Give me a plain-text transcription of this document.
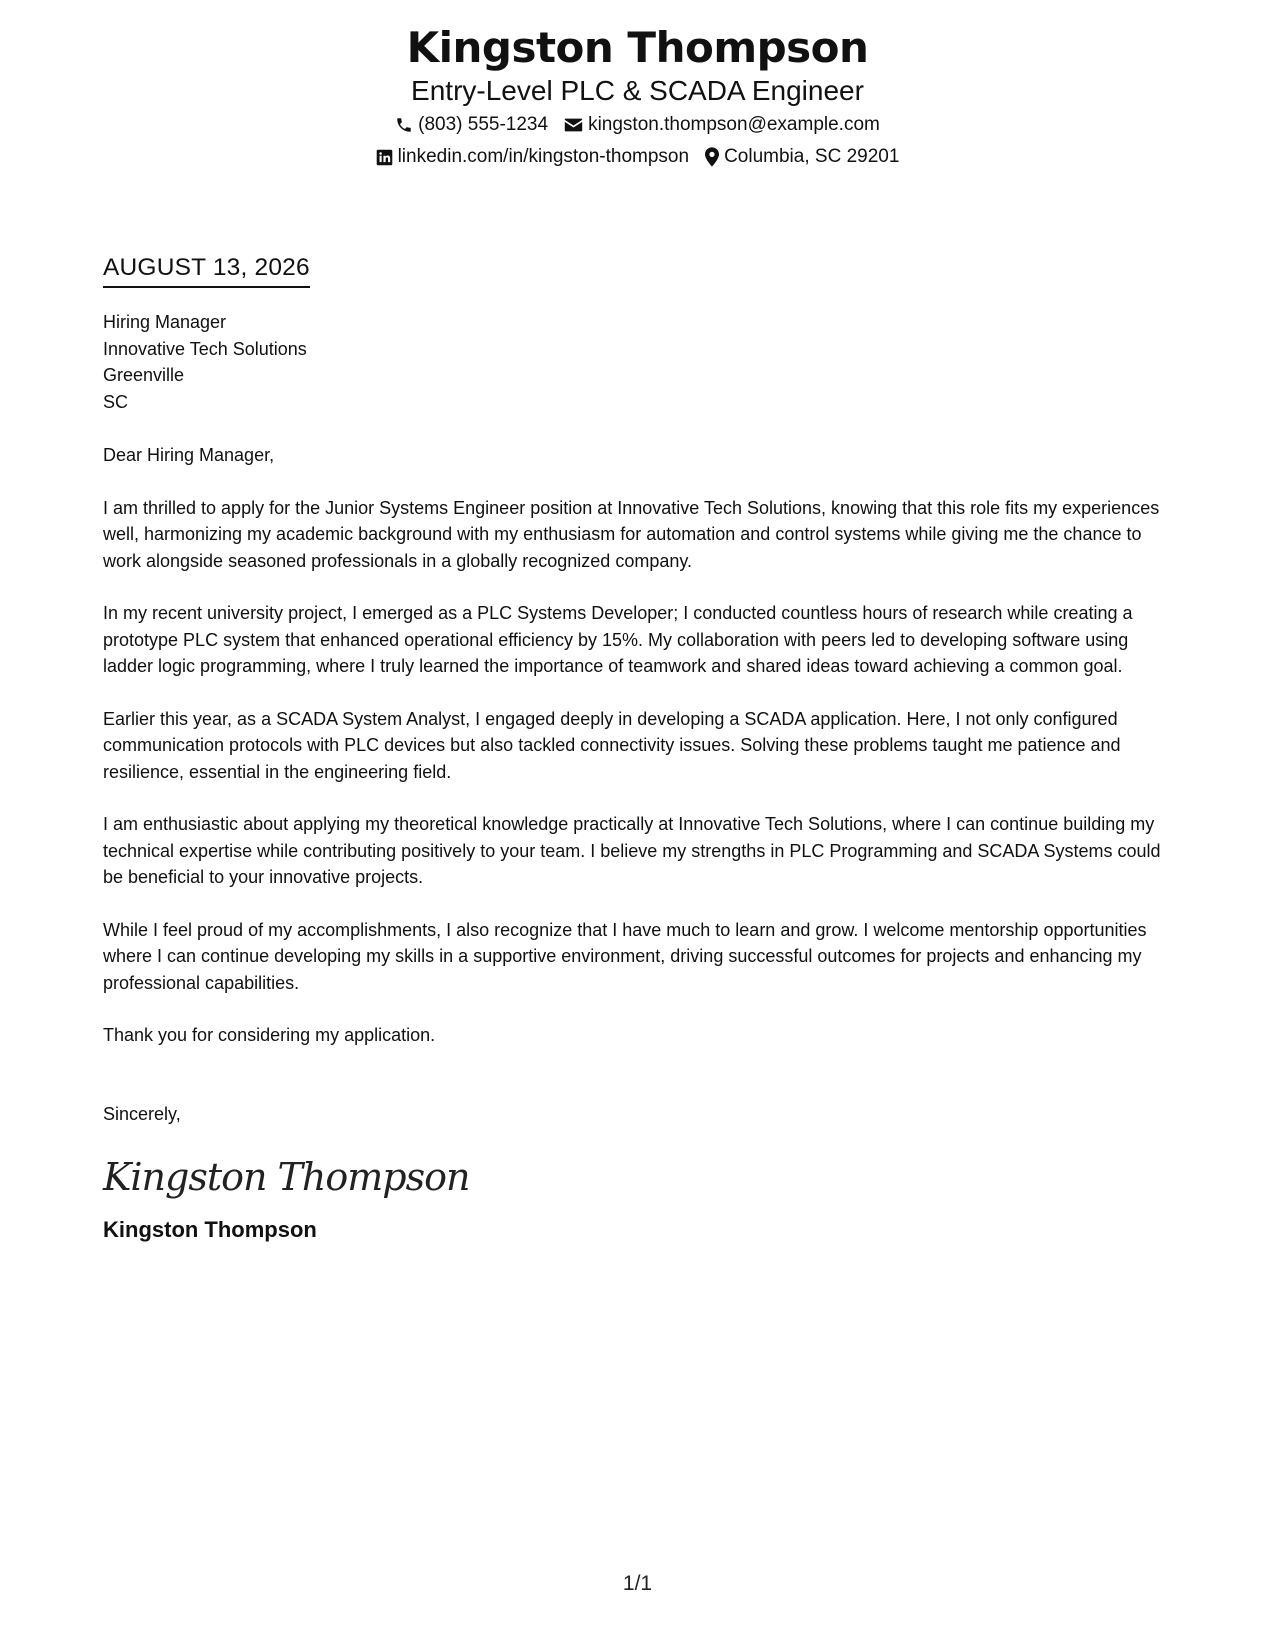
Kingston Thompson
Entry-Level PLC & SCADA Engineer
(803) 555-1234 kingston.thompson@example.com
linkedin.com/in/kingston-thompson Columbia, SC 29201
AUGUST 13, 2026
Hiring Manager
Innovative Tech Solutions
Greenville
SC
Dear Hiring Manager,

I am thrilled to apply for the Junior Systems Engineer position at Innovative Tech Solutions, knowing that this role fits my experiences well, harmonizing my academic background with my enthusiasm for automation and control systems while giving me the chance to work alongside seasoned professionals in a globally recognized company.

In my recent university project, I emerged as a PLC Systems Developer; I conducted countless hours of research while creating a prototype PLC system that enhanced operational efficiency by 15%. My collaboration with peers led to developing software using ladder logic programming, where I truly learned the importance of teamwork and shared ideas toward achieving a common goal.

Earlier this year, as a SCADA System Analyst, I engaged deeply in developing a SCADA application. Here, I not only configured communication protocols with PLC devices but also tackled connectivity issues. Solving these problems taught me patience and resilience, essential in the engineering field.

I am enthusiastic about applying my theoretical knowledge practically at Innovative Tech Solutions, where I can continue building my technical expertise while contributing positively to your team. I believe my strengths in PLC Programming and SCADA Systems could be beneficial to your innovative projects.

While I feel proud of my accomplishments, I also recognize that I have much to learn and grow. I welcome mentorship opportunities where I can continue developing my skills in a supportive environment, driving successful outcomes for projects and enhancing my professional capabilities.

Thank you for considering my application.

Sincerely,
Kingston Thompson
Kingston Thompson
1/1
